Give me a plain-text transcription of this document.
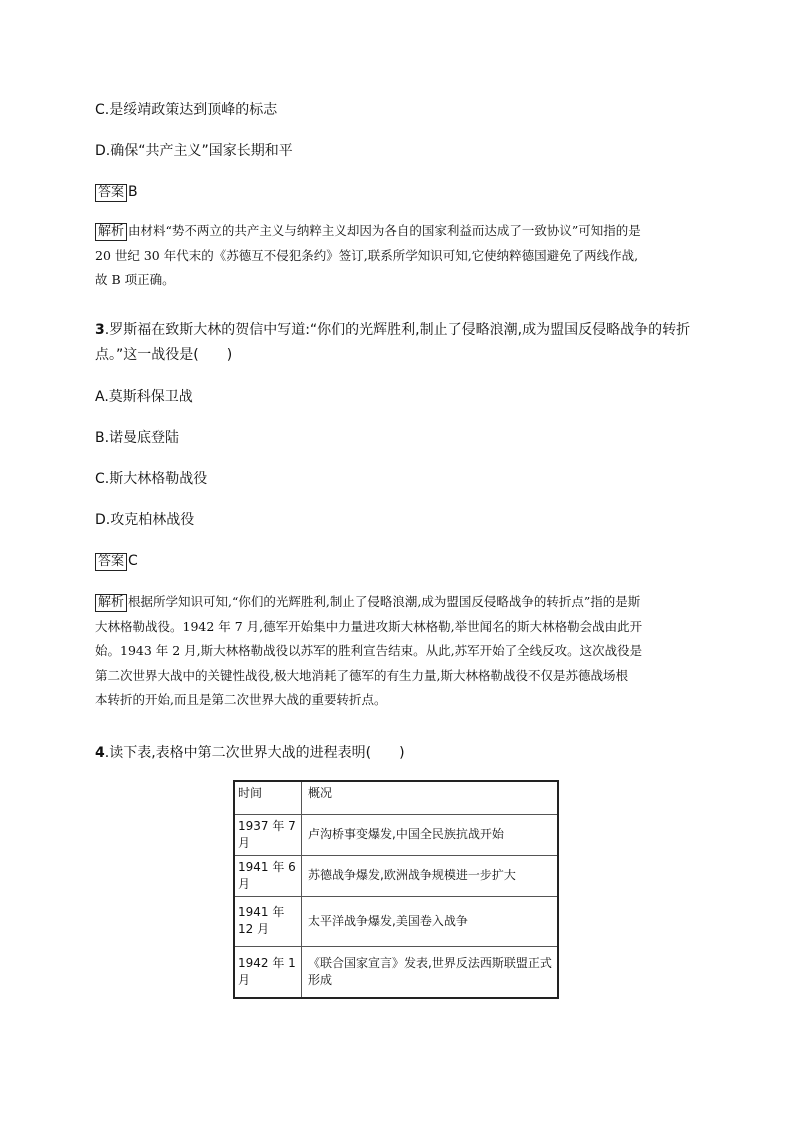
C.是绥靖政策达到顶峰的标志
D.确保“共产主义”国家长期和平
答案 B
解析 由材料“势不两立的共产主义与纳粹主义却因为各自的国家利益而达成了一致协议”可知指的是
20 世纪 30 年代末的《苏德互不侵犯条约》签订,联系所学知识可知,它使纳粹德国避免了两线作战,
故 B 项正确。
3.罗斯福在致斯大林的贺信中写道:“你们的光辉胜利,制止了侵略浪潮,成为盟国反侵略战争的转折
点。”这一战役是(　　)
A.莫斯科保卫战
B.诺曼底登陆
C.斯大林格勒战役
D.攻克柏林战役
答案 C
解析 根据所学知识可知,“你们的光辉胜利,制止了侵略浪潮,成为盟国反侵略战争的转折点”指的是斯
大林格勒战役。1942 年 7 月,德军开始集中力量进攻斯大林格勒,举世闻名的斯大林格勒会战由此开
始。1943 年 2 月,斯大林格勒战役以苏军的胜利宣告结束。从此,苏军开始了全线反攻。这次战役是
第二次世界大战中的关键性战役,极大地消耗了德军的有生力量,斯大林格勒战役不仅是苏德战场根
本转折的开始,而且是第二次世界大战的重要转折点。
4.读下表,表格中第二次世界大战的进程表明(　　)
时间	概况
1937 年 7 月	卢沟桥事变爆发,中国全民族抗战开始
1941 年 6 月	苏德战争爆发,欧洲战争规模进一步扩大
1941 年 12 月	太平洋战争爆发,美国卷入战争
1942 年 1 月	《联合国家宣言》发表,世界反法西斯联盟正式形成
